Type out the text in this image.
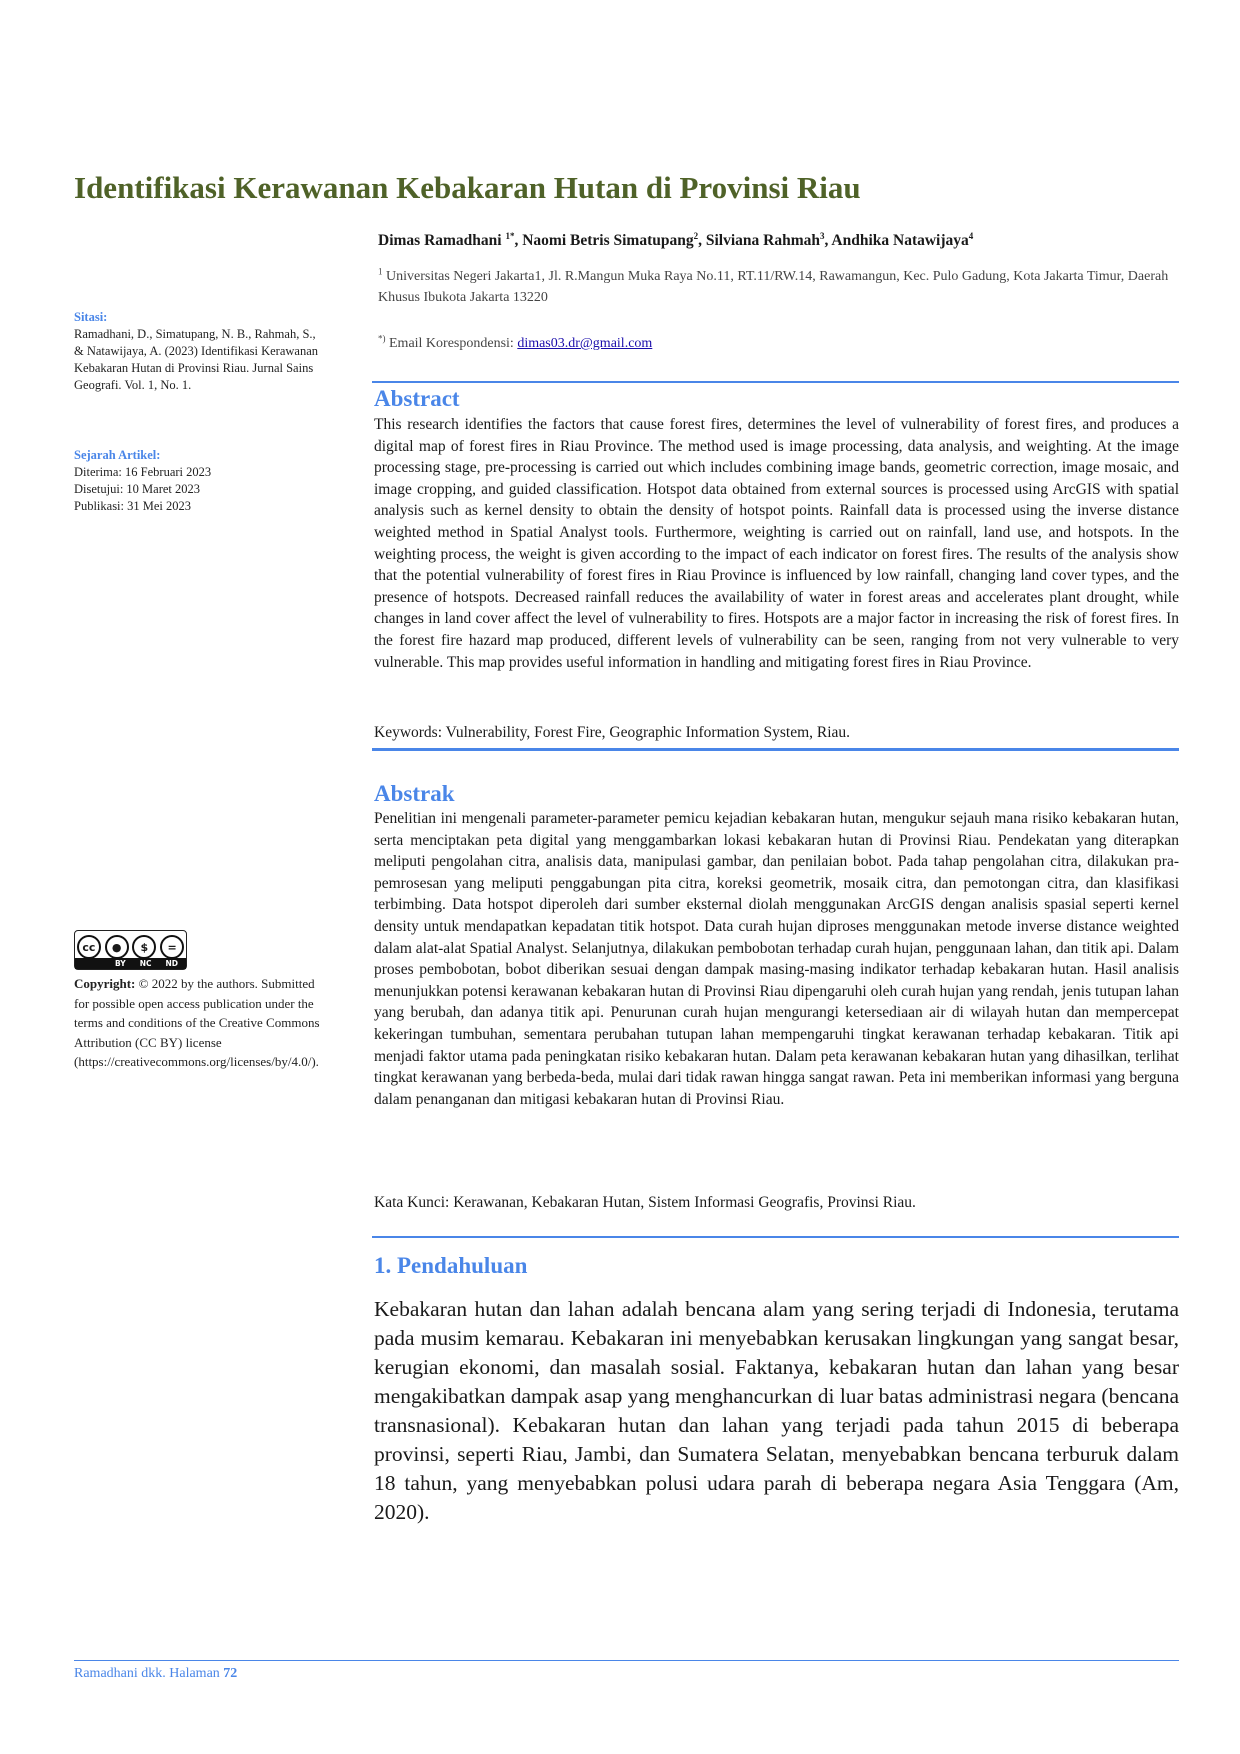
Identifikasi Kerawanan Kebakaran Hutan di Provinsi Riau
Dimas Ramadhani $^{1*}$, Naomi Betris Simatupang$^2$, Silviana Rahmah$^3$, Andhika Natawijaya$^4$
$^1$ Universitas Negeri Jakarta1, Jl. R.Mangun Muka Raya No.11, RT.11/RW.14, Rawamangun, Kec. Pulo Gadung, Kota Jakarta Timur, Daerah Khusus Ibukota Jakarta 13220
*) Email Korespondensi: dimas03.dr@gmail.com
Sitasi:
Ramadhani, D., Simatupang, N. B., Rahmah, S., & Natawijaya, A. (2023) Identifikasi Kerawanan Kebakaran Hutan di Provinsi Riau. Jurnal Sains Geografi. Vol. 1, No. 1.
Sejarah Artikel:
Diterima: 16 Februari 2023
Disetujui: 10 Maret 2023
Publikasi: 31 Mei 2023
cc	●	$	=
BY NC ND
Copyright: © 2022 by the authors. Submitted for possible open access publication under the terms and conditions of the Creative Commons Attribution (CC BY) license (https://creativecommons.org/licenses/by/4.0/).
Abstract
This research identifies the factors that cause forest fires, determines the level of vulnerability of forest fires, and produces a digital map of forest fires in Riau Province. The method used is image processing, data analysis, and weighting. At the image processing stage, pre-processing is carried out which includes combining image bands, geometric correction, image mosaic, and image cropping, and guided classification. Hotspot data obtained from external sources is processed using ArcGIS with spatial analysis such as kernel density to obtain the density of hotspot points. Rainfall data is processed using the inverse distance weighted method in Spatial Analyst tools. Furthermore, weighting is carried out on rainfall, land use, and hotspots. In the weighting process, the weight is given according to the impact of each indicator on forest fires. The results of the analysis show that the potential vulnerability of forest fires in Riau Province is influenced by low rainfall, changing land cover types, and the presence of hotspots. Decreased rainfall reduces the availability of water in forest areas and accelerates plant drought, while changes in land cover affect the level of vulnerability to fires. Hotspots are a major factor in increasing the risk of forest fires. In the forest fire hazard map produced, different levels of vulnerability can be seen, ranging from not very vulnerable to very vulnerable. This map provides useful information in handling and mitigating forest fires in Riau Province.
Keywords: Vulnerability, Forest Fire, Geographic Information System, Riau.
Abstrak
Penelitian ini mengenali parameter-parameter pemicu kejadian kebakaran hutan, mengukur sejauh mana risiko kebakaran hutan, serta menciptakan peta digital yang menggambarkan lokasi kebakaran hutan di Provinsi Riau. Pendekatan yang diterapkan meliputi pengolahan citra, analisis data, manipulasi gambar, dan penilaian bobot. Pada tahap pengolahan citra, dilakukan pra-pemrosesan yang meliputi penggabungan pita citra, koreksi geometrik, mosaik citra, dan pemotongan citra, dan klasifikasi terbimbing. Data hotspot diperoleh dari sumber eksternal diolah menggunakan ArcGIS dengan analisis spasial seperti kernel density untuk mendapatkan kepadatan titik hotspot. Data curah hujan diproses menggunakan metode inverse distance weighted dalam alat-alat Spatial Analyst. Selanjutnya, dilakukan pembobotan terhadap curah hujan, penggunaan lahan, dan titik api. Dalam proses pembobotan, bobot diberikan sesuai dengan dampak masing-masing indikator terhadap kebakaran hutan. Hasil analisis menunjukkan potensi kerawanan kebakaran hutan di Provinsi Riau dipengaruhi oleh curah hujan yang rendah, jenis tutupan lahan yang berubah, dan adanya titik api. Penurunan curah hujan mengurangi ketersediaan air di wilayah hutan dan mempercepat kekeringan tumbuhan, sementara perubahan tutupan lahan mempengaruhi tingkat kerawanan terhadap kebakaran. Titik api menjadi faktor utama pada peningkatan risiko kebakaran hutan. Dalam peta kerawanan kebakaran hutan yang dihasilkan, terlihat tingkat kerawanan yang berbeda-beda, mulai dari tidak rawan hingga sangat rawan. Peta ini memberikan informasi yang berguna dalam penanganan dan mitigasi kebakaran hutan di Provinsi Riau.
Kata Kunci: Kerawanan, Kebakaran Hutan, Sistem Informasi Geografis, Provinsi Riau.
1. Pendahuluan
Kebakaran hutan dan lahan adalah bencana alam yang sering terjadi di Indonesia, terutama pada musim kemarau. Kebakaran ini menyebabkan kerusakan lingkungan yang sangat besar, kerugian ekonomi, dan masalah sosial. Faktanya, kebakaran hutan dan lahan yang besar mengakibatkan dampak asap yang menghancurkan di luar batas administrasi negara (bencana transnasional). Kebakaran hutan dan lahan yang terjadi pada tahun 2015 di beberapa provinsi, seperti Riau, Jambi, dan Sumatera Selatan, menyebabkan bencana terburuk dalam 18 tahun, yang menyebabkan polusi udara parah di beberapa negara Asia Tenggara (Am, 2020).
Ramadhani dkk. Halaman 72
